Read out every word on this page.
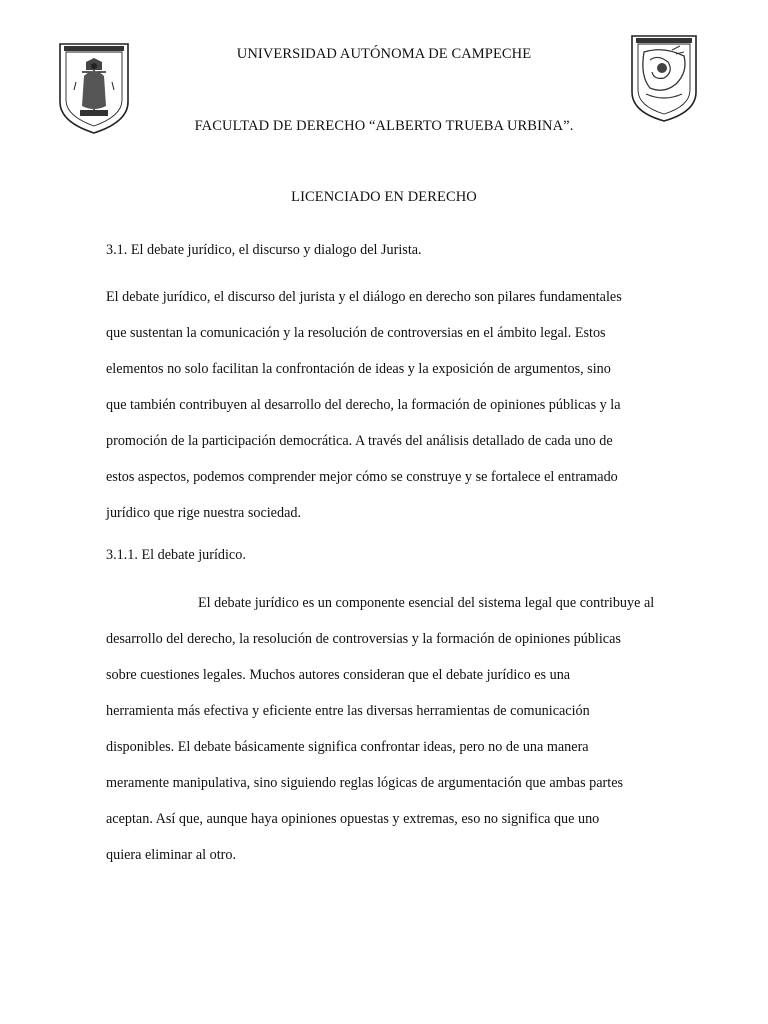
UNIVERSIDAD AUTÓNOMA DE CAMPECHE
FACULTAD DE DERECHO “ALBERTO TRUEBA URBINA”.
LICENCIADO EN DERECHO
3.1. El debate jurídico, el discurso y dialogo del Jurista.
El debate jurídico, el discurso del jurista y el diálogo en derecho son pilares fundamentales
que sustentan la comunicación y la resolución de controversias en el ámbito legal. Estos
elementos no solo facilitan la confrontación de ideas y la exposición de argumentos, sino
que también contribuyen al desarrollo del derecho, la formación de opiniones públicas y la
promoción de la participación democrática. A través del análisis detallado de cada uno de
estos aspectos, podemos comprender mejor cómo se construye y se fortalece el entramado
jurídico que rige nuestra sociedad.
3.1.1. El debate jurídico.
El debate jurídico es un componente esencial del sistema legal que contribuye al
desarrollo del derecho, la resolución de controversias y la formación de opiniones públicas
sobre cuestiones legales. Muchos autores consideran que el debate jurídico es una
herramienta más efectiva y eficiente entre las diversas herramientas de comunicación
disponibles. El debate básicamente significa confrontar ideas, pero no de una manera
meramente manipulativa, sino siguiendo reglas lógicas de argumentación que ambas partes
aceptan. Así que, aunque haya opiniones opuestas y extremas, eso no significa que uno
quiera eliminar al otro.
